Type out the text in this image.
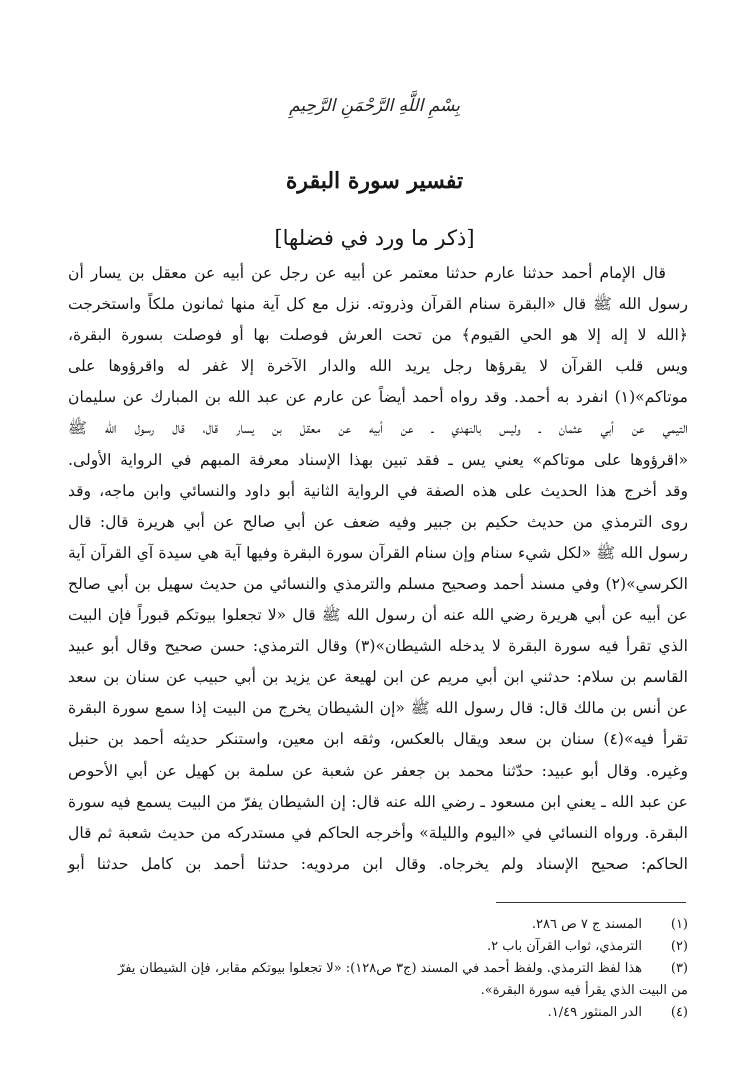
بِسْمِ اللَّهِ الرَّحْمَنِ الرَّحِيمِ
تفسير سورة البقرة
[ذكر ما ورد في فضلها]
قال الإمام أحمد حدثنا عارم حدثنا معتمر عن أبيه عن رجل عن أبيه عن معقل بن يسار أن
رسول الله ﷺ قال «البقرة سنام القرآن وذروته. نزل مع كل آية منها ثمانون ملكاً واستخرجت
﴿الله لا إله إلا هو الحي القيوم﴾ من تحت العرش فوصلت بها أو فوصلت بسورة البقرة،
ويس قلب القرآن لا يقرؤها رجل يريد الله والدار الآخرة إلا غفر له واقرؤوها على
موتاكم»(١) انفرد به أحمد. وقد رواه أحمد أيضاً عن عارم عن عبد الله بن المبارك عن سليمان
التيمي عن أبي عثمان ـ وليس بالنهدي ـ عن أبيه عن معقل بن يسار قال، قال رسول الله ﷺ
«اقرؤوها على موتاكم» يعني يس ـ فقد تبين بهذا الإسناد معرفة المبهم في الرواية الأولى.
وقد أخرج هذا الحديث على هذه الصفة في الرواية الثانية أبو داود والنسائي وابن ماجه، وقد
روى الترمذي من حديث حكيم بن جبير وفيه ضعف عن أبي صالح عن أبي هريرة قال: قال
رسول الله ﷺ «لكل شيء سنام وإن سنام القرآن سورة البقرة وفيها آية هي سيدة آي القرآن آية
الكرسي»(٢) وفي مسند أحمد وصحيح مسلم والترمذي والنسائي من حديث سهيل بن أبي صالح
عن أبيه عن أبي هريرة رضي الله عنه أن رسول الله ﷺ قال «لا تجعلوا بيوتكم قبوراً فإن البيت
الذي تقرأ فيه سورة البقرة لا يدخله الشيطان»(٣) وقال الترمذي: حسن صحيح وقال أبو عبيد
القاسم بن سلام: حدثني ابن أبي مريم عن ابن لهيعة عن يزيد بن أبي حبيب عن سنان بن سعد
عن أنس بن مالك قال: قال رسول الله ﷺ «إن الشيطان يخرج من البيت إذا سمع سورة البقرة
تقرأ فيه»(٤) سنان بن سعد ويقال بالعكس، وثقه ابن معين، واستنكر حديثه أحمد بن حنبل
وغيره. وقال أبو عبيد: حدّثنا محمد بن جعفر عن شعبة عن سلمة بن كهيل عن أبي الأحوص
عن عبد الله ـ يعني ابن مسعود ـ رضي الله عنه قال: إن الشيطان يفرّ من البيت يسمع فيه سورة
البقرة. ورواه النسائي في «اليوم والليلة» وأخرجه الحاكم في مستدركه من حديث شعبة ثم قال
الحاكم: صحيح الإسناد ولم يخرجاه. وقال ابن مردويه: حدثنا أحمد بن كامل حدثنا أبو
(١)
المسند ج ٧ ص ٢٨٦.
(٢)
الترمذي، ثواب القرآن باب ٢.
(٣)
هذا لفظ الترمذي. ولفظ أحمد في المسند (ج٣ ص١٢٨): «لا تجعلوا بيوتكم مقابر، فإن الشيطان يفرّ
من البيت الذي يقرأ فيه سورة البقرة».
(٤)
الدر المنثور ١/٤٩.
